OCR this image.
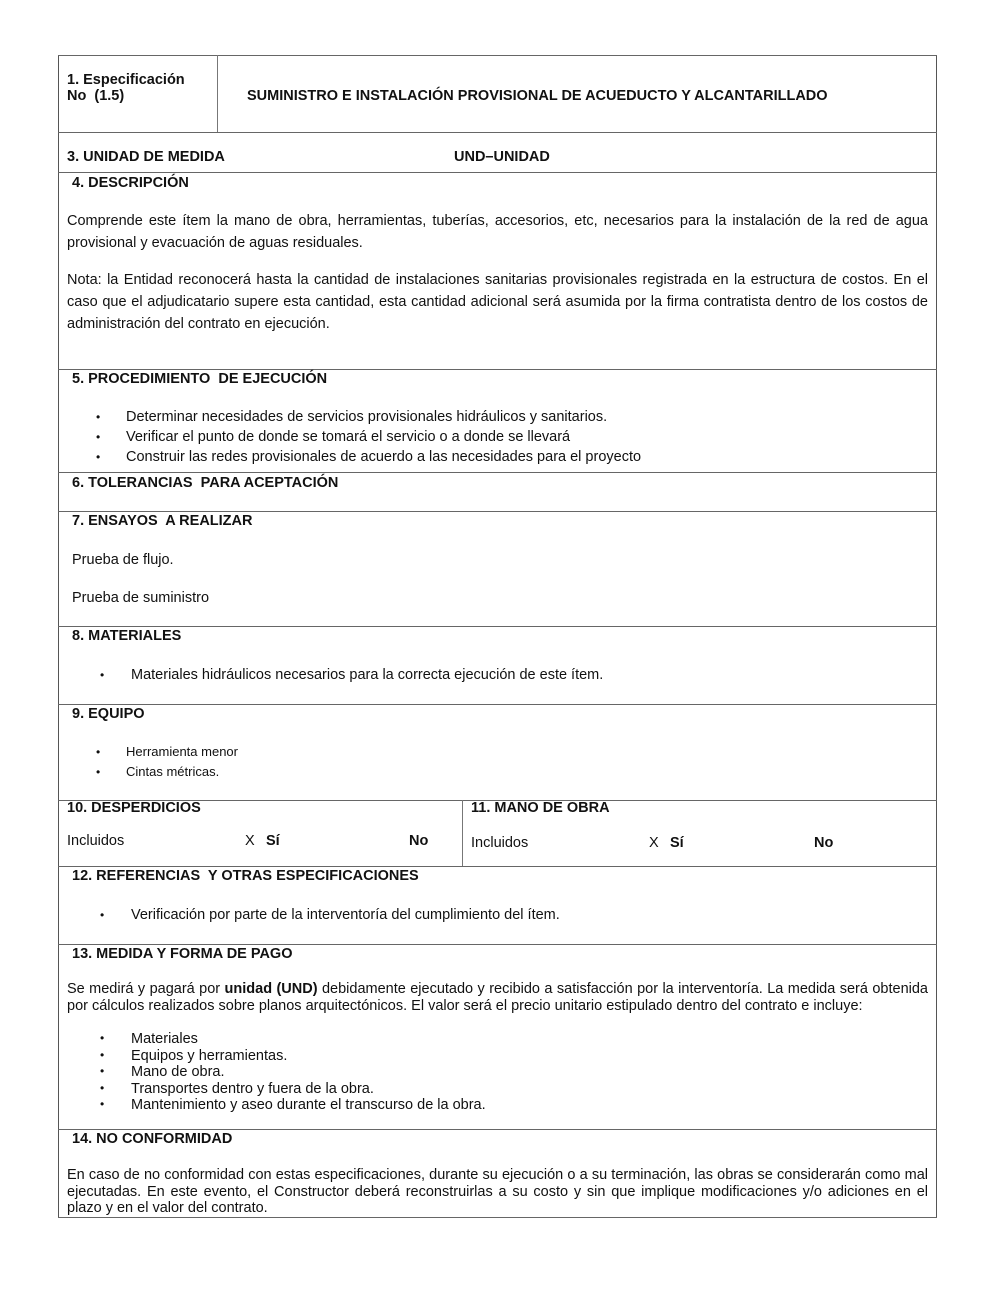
1. Especificación
No  (1.5)	SUMINISTRO E INSTALACIÓN PROVISIONAL DE ACUEDUCTO Y ALCANTARILLADO
3. UNIDAD DE MEDIDA	UND–UNIDAD
4. DESCRIPCIÓN
Comprende este ítem la mano de obra, herramientas, tuberías, accesorios, etc, necesarios para la instalación de la red de agua provisional y evacuación de aguas residuales.
Nota: la Entidad reconocerá hasta la cantidad de instalaciones sanitarias provisionales registrada en la estructura de costos. En el caso que el adjudicatario supere esta cantidad, esta cantidad adicional será asumida por la firma contratista dentro de los costos de administración del contrato en ejecución.
5. PROCEDIMIENTO  DE EJECUCIÓN
• Determinar necesidades de servicios provisionales hidráulicos y sanitarios.
• Verificar el punto de donde se tomará el servicio o a donde se llevará
• Construir las redes provisionales de acuerdo a las necesidades para el proyecto
6. TOLERANCIAS  PARA ACEPTACIÓN
7. ENSAYOS  A REALIZAR
Prueba de flujo.
Prueba de suministro
8. MATERIALES
• Materiales hidráulicos necesarios para la correcta ejecución de este ítem.
9. EQUIPO
• Herramienta menor
• Cintas métricas.
10. DESPERDICIOS
Incluidos	X Sí	No
11. MANO DE OBRA
Incluidos	X Sí	No
12. REFERENCIAS  Y OTRAS ESPECIFICACIONES
• Verificación por parte de la interventoría del cumplimiento del ítem.
13. MEDIDA Y FORMA DE PAGO
Se medirá y pagará por unidad (UND) debidamente ejecutado y recibido a satisfacción por la interventoría. La medida será obtenida por cálculos realizados sobre planos arquitectónicos. El valor será el precio unitario estipulado dentro del contrato e incluye:
• Materiales
• Equipos y herramientas.
• Mano de obra.
• Transportes dentro y fuera de la obra.
• Mantenimiento y aseo durante el transcurso de la obra.
14. NO CONFORMIDAD
En caso de no conformidad con estas especificaciones, durante su ejecución o a su terminación, las obras se considerarán como mal ejecutadas. En este evento, el Constructor deberá reconstruirlas a su costo y sin que implique modificaciones y/o adiciones en el plazo y en el valor del contrato.
